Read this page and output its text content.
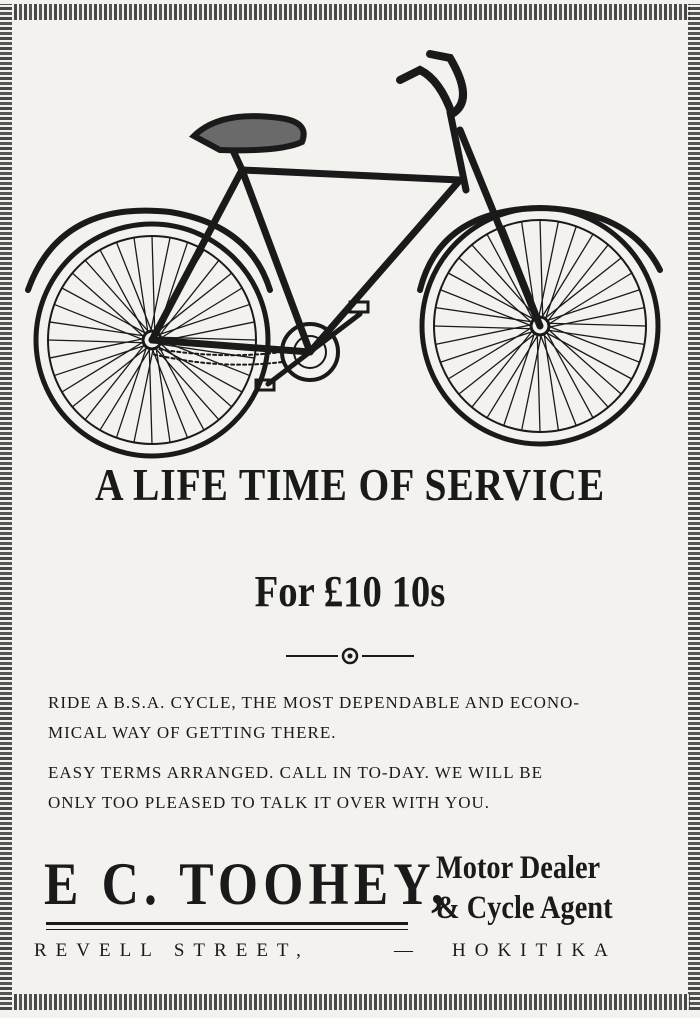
A LIFE TIME OF SERVICE
For £10 10s
RIDE A B.S.A. CYCLE, THE MOST DEPENDABLE AND ECONO-
MICAL WAY OF GETTING THERE.
EASY TERMS ARRANGED. CALL IN TO-DAY. WE WILL BE
ONLY TOO PLEASED TO TALK IT OVER WITH YOU.
E C. TOOHEY,
Motor Dealer
& Cycle Agent
REVELL STREET,	— HOKITIKA
